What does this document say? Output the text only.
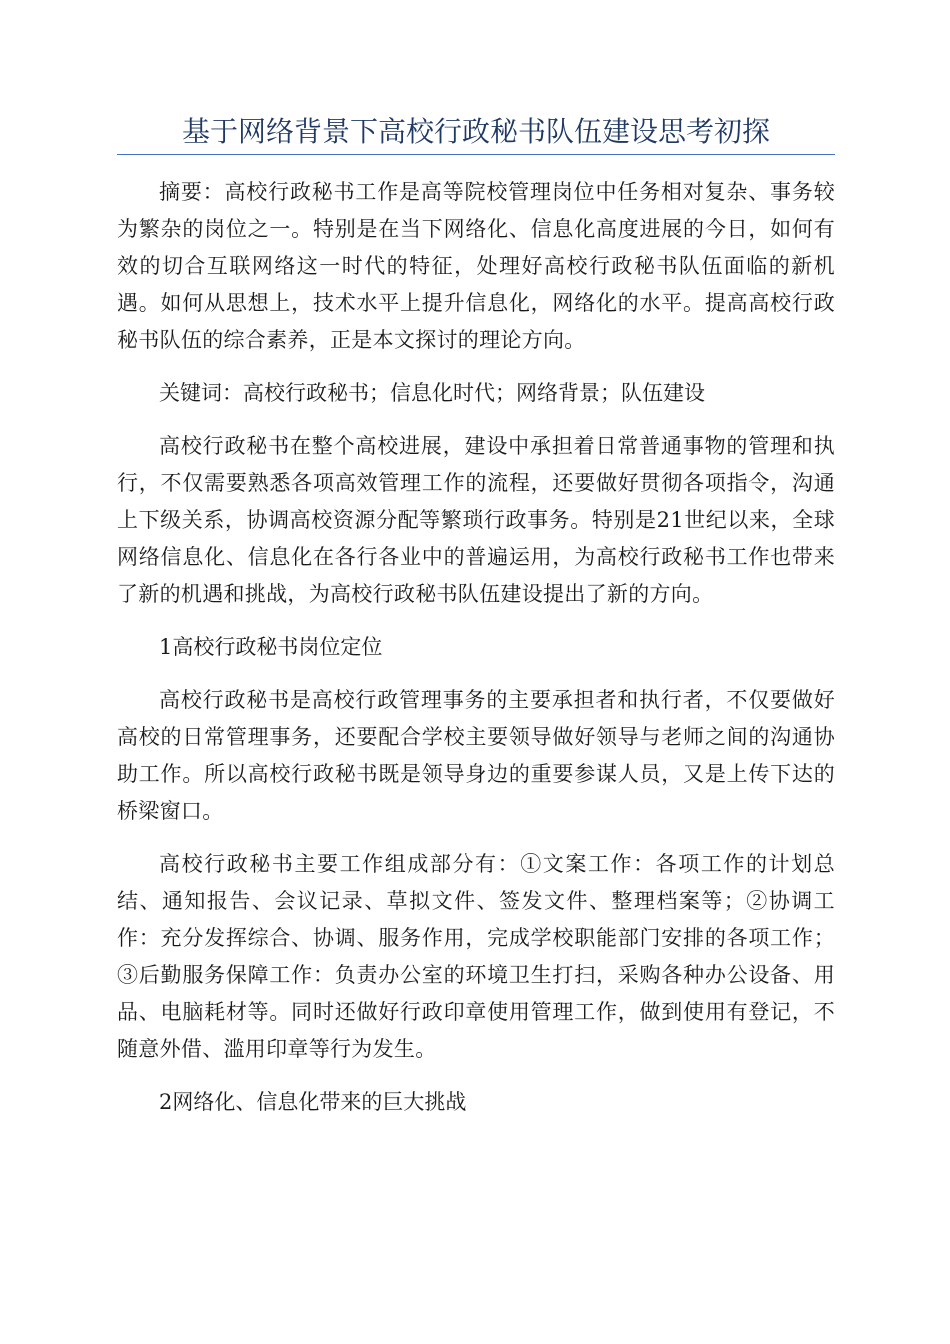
基于网络背景下高校行政秘书队伍建设思考初探

摘要：高校行政秘书工作是高等院校管理岗位中任务相对复杂、事务较为繁杂的岗位之一。特别是在当下网络化、信息化高度进展的今日，如何有效的切合互联网络这一时代的特征，处理好高校行政秘书队伍面临的新机遇。如何从思想上，技术水平上提升信息化，网络化的水平。提高高校行政秘书队伍的综合素养，正是本文探讨的理论方向。

关键词：高校行政秘书；信息化时代；网络背景；队伍建设

高校行政秘书在整个高校进展，建设中承担着日常普通事物的管理和执行，不仅需要熟悉各项高效管理工作的流程，还要做好贯彻各项指令，沟通上下级关系，协调高校资源分配等繁琐行政事务。特别是21世纪以来，全球网络信息化、信息化在各行各业中的普遍运用，为高校行政秘书工作也带来了新的机遇和挑战，为高校行政秘书队伍建设提出了新的方向。

1高校行政秘书岗位定位

高校行政秘书是高校行政管理事务的主要承担者和执行者，不仅要做好高校的日常管理事务，还要配合学校主要领导做好领导与老师之间的沟通协助工作。所以高校行政秘书既是领导身边的重要参谋人员，又是上传下达的桥梁窗口。

高校行政秘书主要工作组成部分有：①文案工作：各项工作的计划总结、通知报告、会议记录、草拟文件、签发文件、整理档案等；②协调工作：充分发挥综合、协调、服务作用，完成学校职能部门安排的各项工作；③后勤服务保障工作：负责办公室的环境卫生打扫，采购各种办公设备、用品、电脑耗材等。同时还做好行政印章使用管理工作，做到使用有登记，不随意外借、滥用印章等行为发生。

2网络化、信息化带来的巨大挑战
